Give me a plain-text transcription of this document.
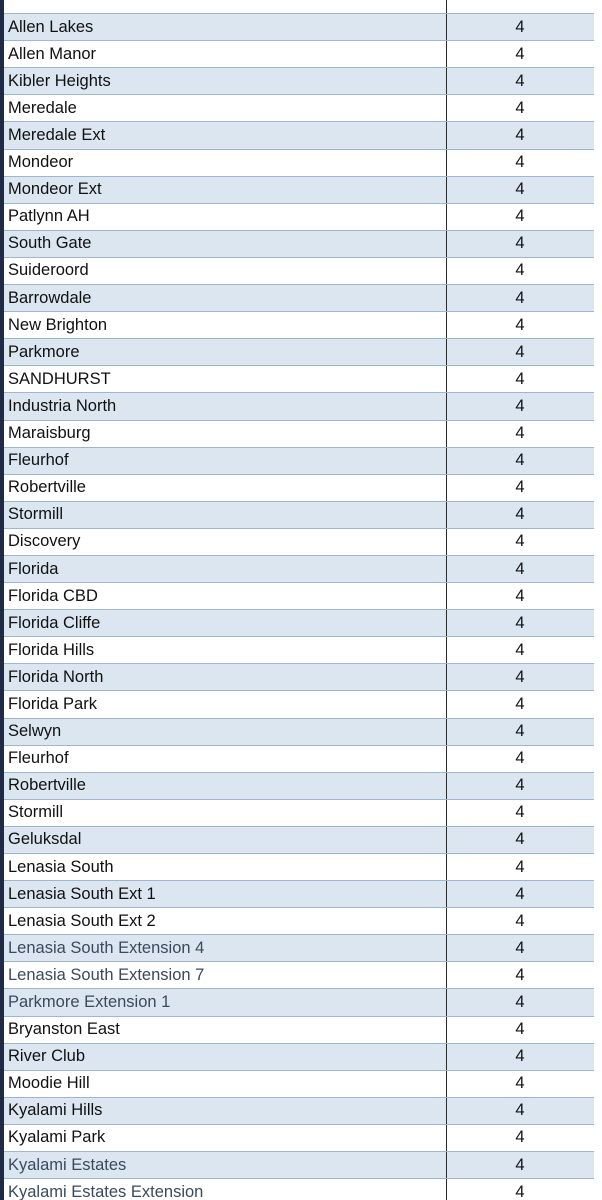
Allen Lakes	4
Allen Manor	4
Kibler Heights	4
Meredale	4
Meredale Ext	4
Mondeor	4
Mondeor Ext	4
Patlynn AH	4
South Gate	4
Suideroord	4
Barrowdale	4
New Brighton	4
Parkmore	4
SANDHURST	4
Industria North	4
Maraisburg	4
Fleurhof	4
Robertville	4
Stormill	4
Discovery	4
Florida	4
Florida CBD	4
Florida Cliffe	4
Florida Hills	4
Florida North	4
Florida Park	4
Selwyn	4
Fleurhof	4
Robertville	4
Stormill	4
Geluksdal	4
Lenasia South	4
Lenasia South Ext 1	4
Lenasia South Ext 2	4
Lenasia South Extension 4	4
Lenasia South Extension 7	4
Parkmore Extension 1	4
Bryanston East	4
River Club	4
Moodie Hill	4
Kyalami Hills	4
Kyalami Park	4
Kyalami Estates	4
Kyalami Estates Extension	4
